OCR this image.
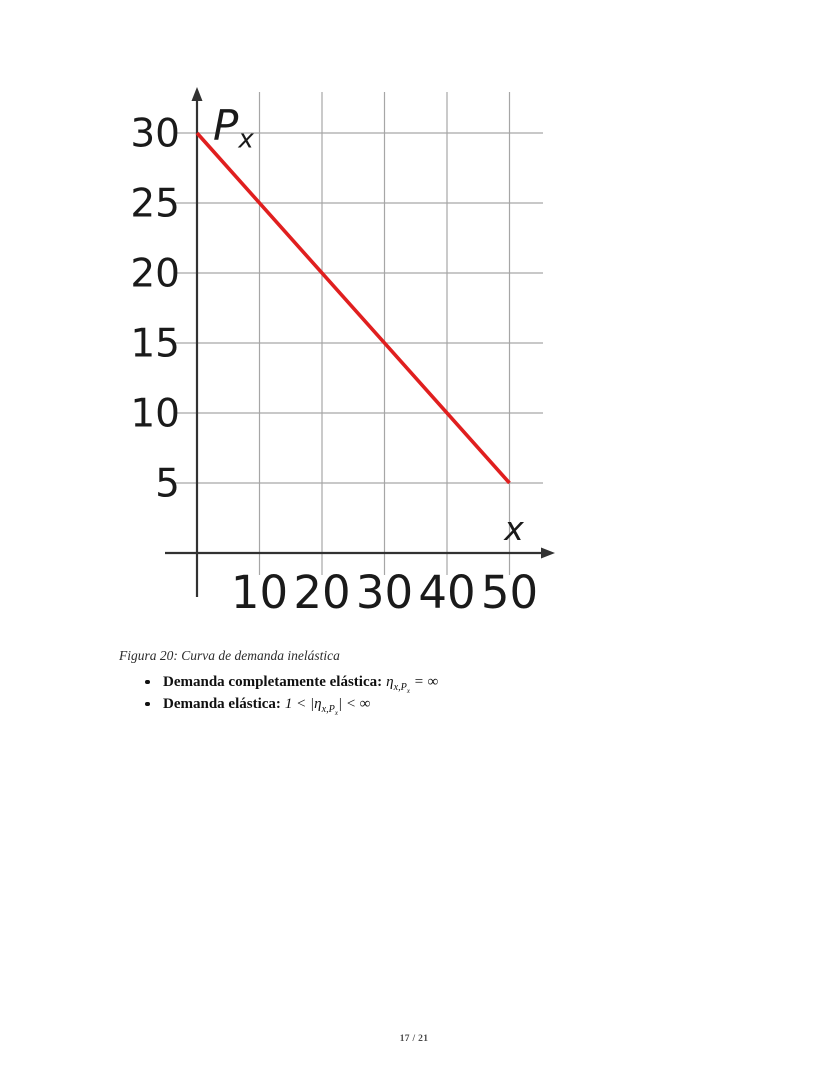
5
10
15
20
25
30
10 20 30 40 50
Px
x
Figura 20: Curva de demanda inelástica
Demanda completamente elástica: $\eta_{x,P_x}$ = ∞
Demanda elástica: $1 < |\eta_{x,P_x}|$ < ∞
17 / 21
